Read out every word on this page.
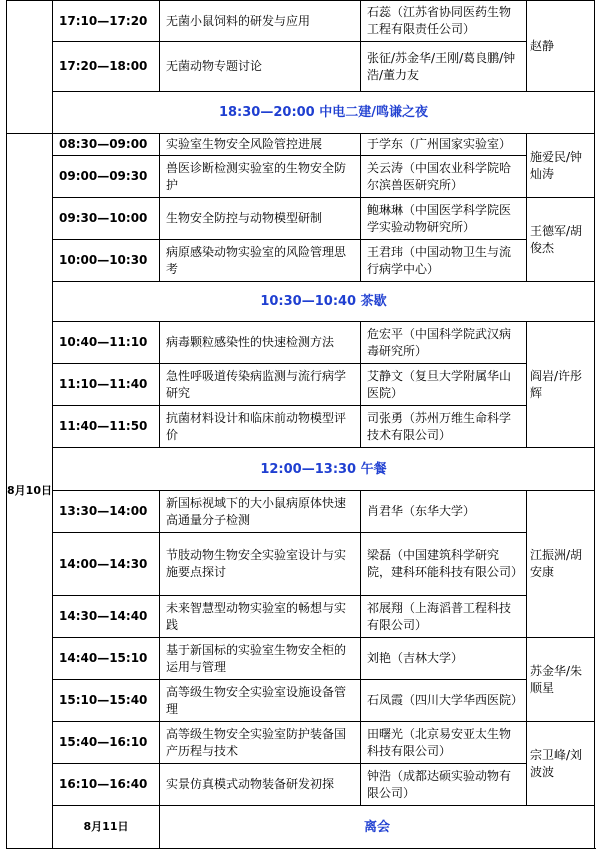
	17:10—17:20	无菌小鼠饲料的研发与应用	石蕊（江苏省协同医药生物工程有限责任公司）	赵静
	17:20—18:00	无菌动物专题讨论	张征/苏金华/王刚/葛良鹏/钟浩/董力友	
	18:30—20:00 中电二建/鸣谦之夜			
8月10日	08:30—09:00	实验室生物安全风险管控进展	于学东（广州国家实验室）	施爱民/钟灿涛
	09:00—09:30	兽医诊断检测实验室的生物安全防护	关云涛（中国农业科学院哈尔滨兽医研究所）	
	09:30—10:00	生物安全防控与动物模型研制	鲍琳琳（中国医学科学院医学实验动物研究所）	王德军/胡俊杰
	10:00—10:30	病原感染动物实验室的风险管理思考	王君玮（中国动物卫生与流行病学中心）	
	10:30—10:40 茶歇			
	10:40—11:10	病毒颗粒感染性的快速检测方法	危宏平（中国科学院武汉病毒研究所）	阎岩/许彤辉
	11:10—11:40	急性呼吸道传染病监测与流行病学研究	艾静文（复旦大学附属华山医院）	
	11:40—11:50	抗菌材料设计和临床前动物模型评价	司张勇（苏州万维生命科学技术有限公司）	
	12:00—13:30 午餐			
	13:30—14:00	新国标视域下的大小鼠病原体快速高通量分子检测	肖君华（东华大学）	江振洲/胡安康
	14:00—14:30	节肢动物生物安全实验室设计与实施要点探讨	梁磊（中国建筑科学研究院，建科环能科技有限公司）	
	14:30—14:40	未来智慧型动物实验室的畅想与实践	祁展翔（上海滔普工程科技有限公司）	
	14:40—15:10	基于新国标的实验室生物安全柜的运用与管理	刘艳（吉林大学）	苏金华/朱顺星
	15:10—15:40	高等级生物安全实验室设施设备管理	石凤霞（四川大学华西医院）	
	15:40—16:10	高等级生物安全实验室防护装备国产历程与技术	田曙光（北京易安亚太生物科技有限公司）	宗卫峰/刘波波
	16:10—16:40	实景仿真模式动物装备研发初探	钟浩（成都达硕实验动物有限公司）	
	8月11日	离会		
